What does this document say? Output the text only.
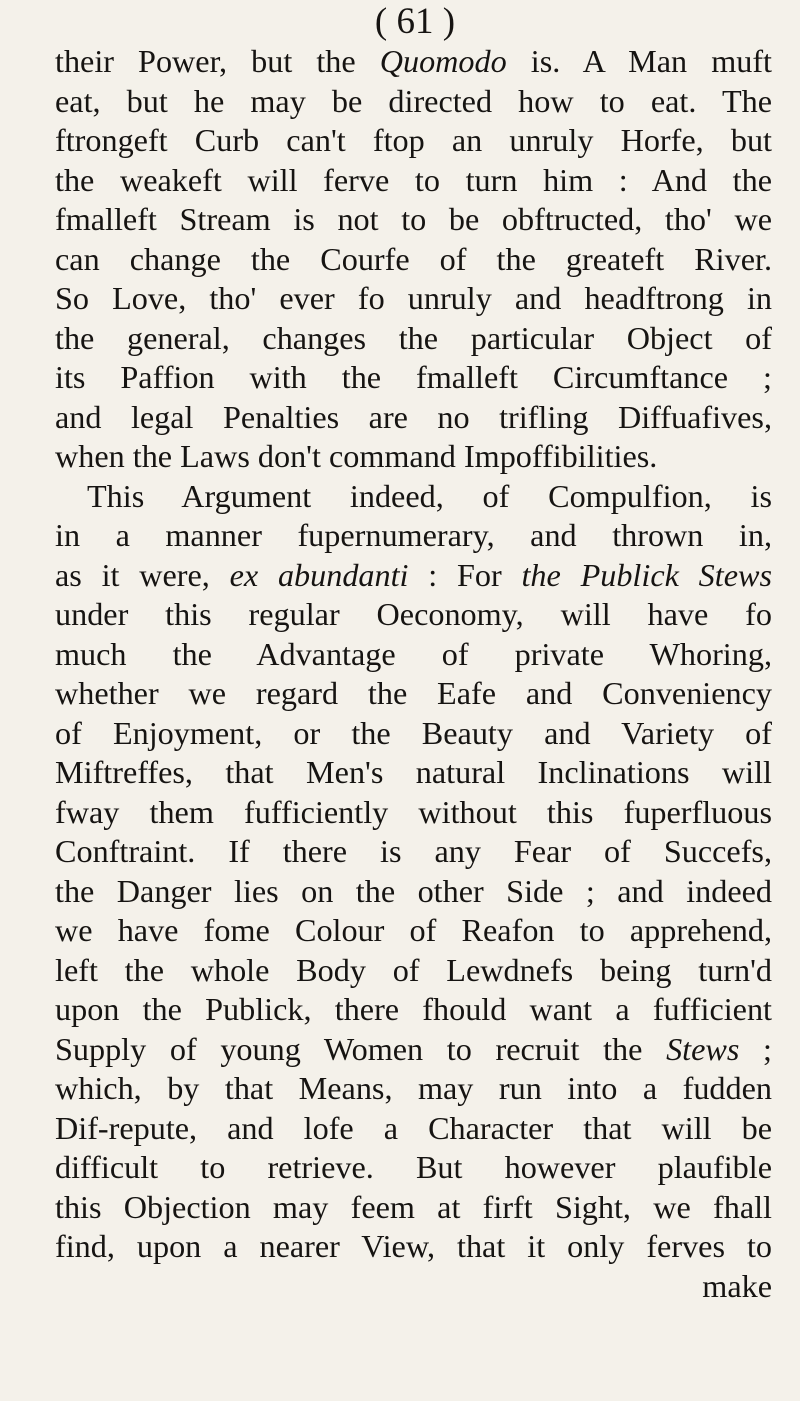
( 61 )
their Power, but the Quomodo is. A Man muft
eat, but he may be directed how to eat. The
ftrongeft Curb can't ftop an unruly Horfe, but
the weakeft will ferve to turn him : And the
fmalleft Stream is not to be obftructed, tho' we
can change the Courfe of the greateft River.
So Love, tho' ever fo unruly and headftrong in
the general, changes the particular Object of
its Paffion with the fmalleft Circumftance ;
and legal Penalties are no trifling Diffuafives,
when the Laws don't command Impoffibilities.
This Argument indeed, of Compulfion, is
in a manner fupernumerary, and thrown in,
as it were, ex abundanti : For the Publick Stews
under this regular Oeconomy, will have fo
much the Advantage of private Whoring,
whether we regard the Eafe and Conveniency
of Enjoyment, or the Beauty and Variety of
Miftreffes, that Men's natural Inclinations will
fway them fufficiently without this fuperfluous
Conftraint. If there is any Fear of Succefs,
the Danger lies on the other Side ; and indeed
we have fome Colour of Reafon to apprehend,
left the whole Body of Lewdnefs being turn'd
upon the Publick, there fhould want a fufficient
Supply of young Women to recruit the Stews ;
which, by that Means, may run into a fudden
Dif-repute, and lofe a Character that will be
difficult to retrieve. But however plaufible
this Objection may feem at firft Sight, we fhall
find, upon a nearer View, that it only ferves to
make
